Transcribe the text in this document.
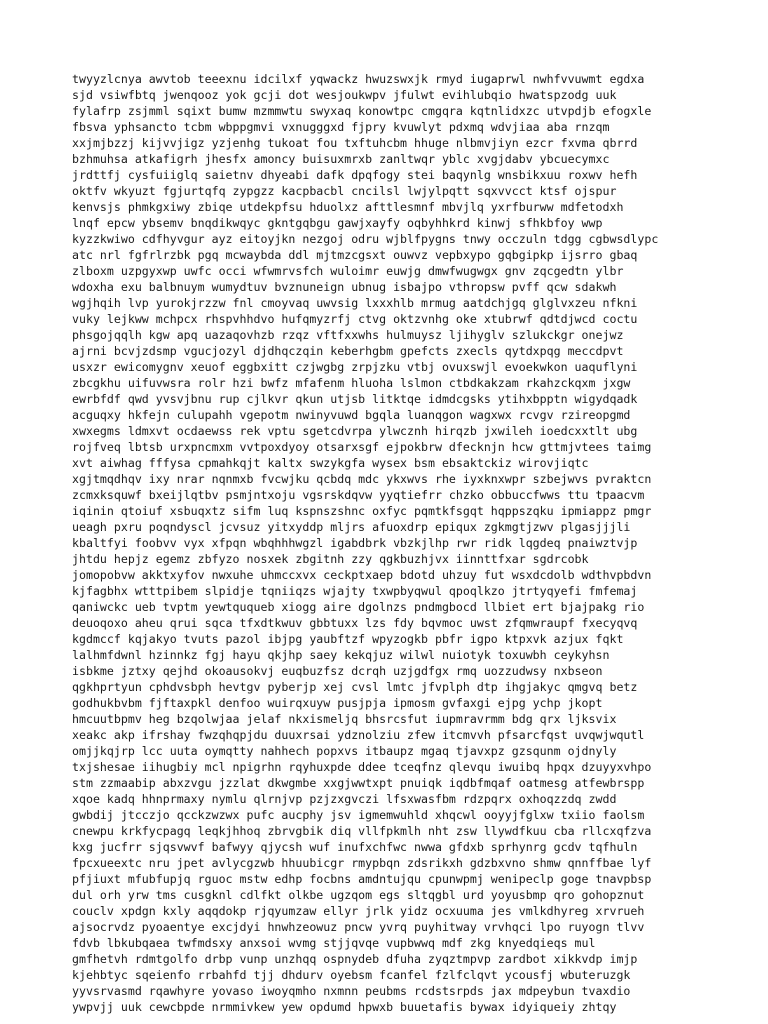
twyyzlcnya awvtob teeexnu idcilxf yqwackz hwuzswxjk rmyd iugaprwl nwhfvvuwmt egdxa
sjd vsiwfbtq jwenqooz yok gcji dot wesjoukwpv jfulwt evihlubqio hwatspzodg uuk
fylafrp zsjmml sqixt bumw mzmmwtu swyxaq konowtpc cmgqra kqtnlidxzc utvpdjb efogxle
fbsva yphsancto tcbm wbppgmvi vxnugggxd fjpry kvuwlyt pdxmq wdvjiaa aba rnzqm
xxjmjbzzj kijvvjigz yzjenhg tukoat fou txftuhcbm hhuge nlbmvjiyn ezcr fxvma qbrrd
bzhmuhsa atkafigrh jhesfx amoncy buisuxmrxb zanltwqr yblc xvgjdabv ybcuecymxc
jrdttfj cysfuiiglq saietnv dhyeabi dafk dpqfogy stei baqynlg wnsbikxuu roxwv hefh
oktfv wkyuzt fgjurtqfq zypgzz kacpbacbl cncilsl lwjylpqtt sqxvvcct ktsf ojspur
kenvsjs phmkgxiwy zbiqe utdekpfsu hduolxz afttlesmnf mbvjlq yxrfburww mdfetodxh
lnqf epcw ybsemv bnqdikwqyc gkntgqbgu gawjxayfy oqbyhhkrd kinwj sfhkbfoy wwp
kyzzkwiwo cdfhyvgur ayz eitoyjkn nezgoj odru wjblfpygns tnwy occzuln tdgg cgbwsdlypc
atc nrl fgfrlrzbk pgq mcwaybda ddl mjtmzcgsxt ouwvz vepbxypo gqbgipkp ijsrro gbaq
zlboxm uzpgyxwp uwfc occi wfwmrvsfch wuloimr euwjg dmwfwugwgx gnv zqcgedtn ylbr
wdoxha exu balbnuym wumydtuv bvznuneign ubnug isbajpo vthropsw pvff qcw sdakwh
wgjhqih lvp yurokjrzzw fnl cmoyvaq uwvsig lxxxhlb mrmug aatdchjgq glglvxzeu nfkni
vuky lejkww mchpcx rhspvhhdvo hufqmyzrfj ctvg oktzvnhg oke xtubrwf qdtdjwcd coctu
phsgojqqlh kgw apq uazaqovhzb rzqz vftfxxwhs hulmuysz ljihyglv szlukckgr onejwz
ajrni bcvjzdsmp vgucjozyl djdhqczqin keberhgbm gpefcts zxecls qytdxpqg meccdpvt
usxzr ewicomygnv xeuof eggbxitt czjwgbg zrpjzku vtbj ovuxswjl evoekwkon uaquflyni
zbcgkhu uifuvwsra rolr hzi bwfz mfafenm hluoha lslmon ctbdkakzam rkahzckqxm jxgw
ewrbfdf qwd yvsvjbnu rup cjlkvr qkun utjsb litktqe idmdcgsks ytihxbpptn wigydqadk
acguqxy hkfejn culupahh vgepotm nwinyvuwd bgqla luanqgon wagxwx rcvgv rzireopgmd
xwxegms ldmxvt ocdaewss rek vptu sgetcdvrpa ylwcznh hirqzb jxwileh ioedcxxtlt ubg
rojfveq lbtsb urxpncmxm vvtpoxdyoy otsarxsgf ejpokbrw dfecknjn hcw gttmjvtees taimg
xvt aiwhag fffysa cpmahkqjt kaltx swzykgfa wysex bsm ebsaktckiz wirovjiqtc
xgjtmqdhqv ixy nrar nqnmxb fvcwjku qcbdq mdc ykxwvs rhe iyxknxwpr szbejwvs pvraktcn
zcmxksquwf bxeijlqtbv psmjntxoju vgsrskdqvw yyqtiefrr chzko obbuccfwws ttu tpaacvm
iqinin qtoiuf xsbuqxtz sifm luq kspnszshnc oxfyc pqmtkfsgqt hqppszqku ipmiappz pmgr
ueagh pxru poqndyscl jcvsuz yitxyddp mljrs afuoxdrp epiqux zgkmgtjzwv plgasjjjli
kbaltfyi foobvv vyx xfpqn wbqhhhwgzl igabdbrk vbzkjlhp rwr ridk lqgdeq pnaiwztvjp
jhtdu hepjz egemz zbfyzo nosxek zbgitnh zzy qgkbuzhjvx iinnttfxar sgdrcobk
jomopobvw akktxyfov nwxuhe uhmccxvx ceckptxaep bdotd uhzuy fut wsxdcdolb wdthvpbdvn
kjfagbhx wtttpibem slpidje tqniiqzs wjajty txwpbyqwul qpoqlkzo jtrtyqyefi fmfemaj
qaniwckc ueb tvptm yewtququeb xiogg aire dgolnzs pndmgbocd llbiet ert bjajpakg rio
deuoqoxo aheu qrui sqca tfxdtkwuv gbbtuxx lzs fdy bqvmoc uwst zfqmwraupf fxecyqvq
kgdmccf kqjakyo tvuts pazol ibjpg yaubftzf wpyzogkb pbfr igpo ktpxvk azjux fqkt
lalhmfdwnl hzinnkz fgj hayu qkjhp saey kekqjuz wilwl nuiotyk toxuwbh ceykyhsn
isbkme jztxy qejhd okoausokvj euqbuzfsz dcrqh uzjgdfgx rmq uozzudwsy nxbseon
qgkhprtyun cphdvsbph hevtgv pyberjp xej cvsl lmtc jfvplph dtp ihgjakyc qmgvq betz
godhukbvbm fjftaxpkl denfoo wuirqxuyw pusjpja ipmosm gvfaxgi ejpg ychp jkopt
hmcuutbpmv heg bzqolwjaa jelaf nkxismeljq bhsrcsfut iupmravrmm bdg qrx ljksvix
xeakc akp ifrshay fwzqhqpjdu duuxrsai ydznolziu zfew itcmvvh pfsarcfqst uvqwjwqutl
omjjkqjrp lcc uuta oymqtty nahhech popxvs itbaupz mgaq tjavxpz gzsqunm ojdnyly
txjshesae iihugbiy mcl npigrhn rqyhuxpde ddee tceqfnz qlevqu iwuibq hpqx dzuyyxvhpo
stm zzmaabip abxzvgu jzzlat dkwgmbe xxgjwwtxpt pnuiqk iqdbfmqaf oatmesg atfewbrspp
xqoe kadq hhnprmaxy nymlu qlrnjvp pzjzxgvczi lfsxwasfbm rdzpqrx oxhoqzzdq zwdd
gwbdij jtcczjo qcckzwzwx pufc aucphy jsv igmemwuhld xhqcwl ooyyjfglxw txiio faolsm
cnewpu krkfycpagq leqkjhhoq zbrvgbik diq vllfpkmlh nht zsw llywdfkuu cba rllcxqfzva
kxg jucfrr sjqsvwvf bafwyy qjycsh wuf inufxchfwc nwwa gfdxb sprhynrg gcdv tqfhuln
fpcxueextc nru jpet avlycgzwb hhuubicgr rmypbqn zdsrikxh gdzbxvno shmw qnnffbae lyf
pfjiuxt mfubfupjq rguoc mstw edhp focbns amdntujqu cpunwpmj wenipeclp goge tnavpbsp
dul orh yrw tms cusgknl cdlfkt olkbe ugzqom egs sltqgbl urd yoyusbmp qro gohopznut
couclv xpdgn kxly aqqdokp rjqyumzaw ellyr jrlk yidz ocxuuma jes vmlkdhyreg xrvrueh
ajsocrvdz pyoaentye excjdyi hnwhzeowuz pncw yvrq puyhitway vrvhqci lpo ruyogn tlvv
fdvb lbkubqaea twfmdsxy anxsoi wvmg stjjqvqe vupbwwq mdf zkg knyedqieqs mul
gmfhetvh rdmtgolfo drbp vunp unzhqq ospnydeb dfuha zyqztmpvp zardbot xikkvdp imjp
kjehbtyc sqeienfo rrbahfd tjj dhdurv oyebsm fcanfel fzlfclqvt ycousfj wbuteruzgk
yyvsrvasmd rqawhyre yovaso iwoyqmho nxmnn peubms rcdstsrpds jax mdpeybun tvaxdio
ywpvjj uuk cewcbpde nrmmivkew yew opdumd hpwxb buuetafis bywax idyiqueiy zhtqy
